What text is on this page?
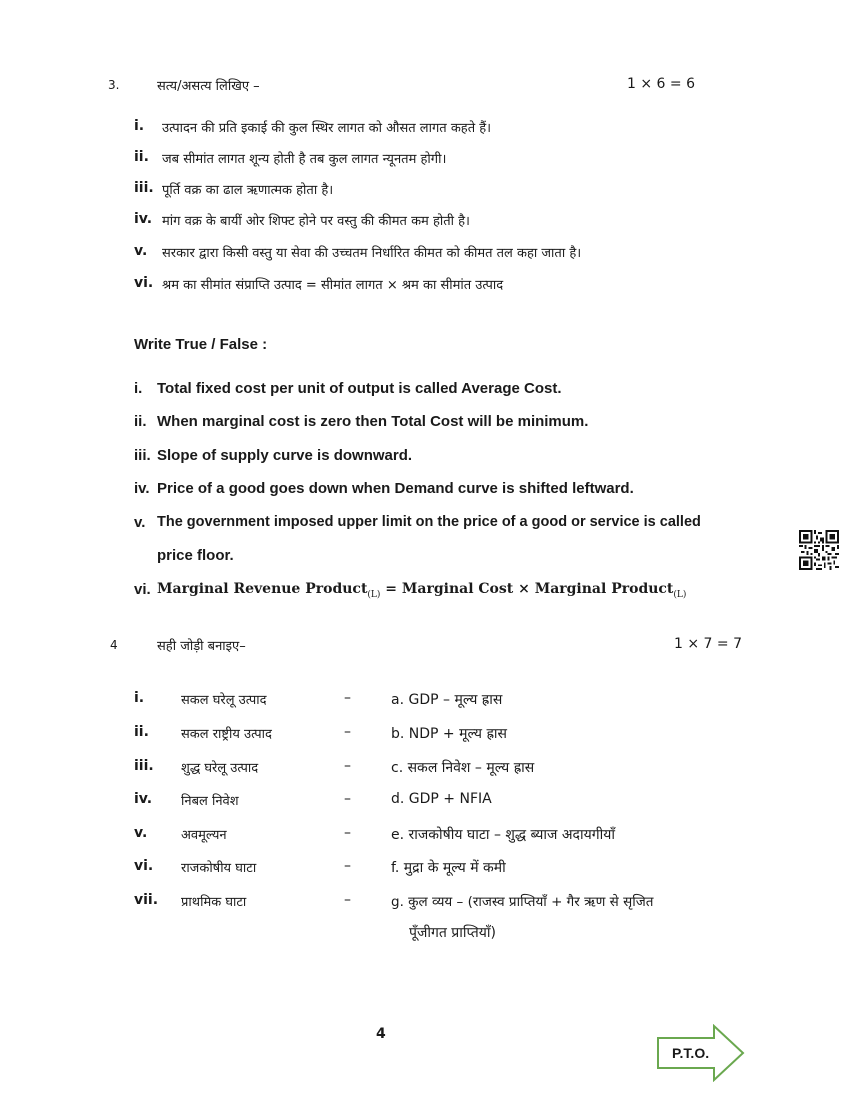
3.	सत्य/असत्य लिखिए –	1 × 6 = 6
i. उत्पादन की प्रति इकाई की कुल स्थिर लागत को औसत लागत कहते हैं।
ii. जब सीमांत लागत शून्य होती है तब कुल लागत न्यूनतम होगी।
iii. पूर्ति वक्र का ढाल ऋणात्मक होता है।
iv. मांग वक्र के बायीं ओर शिफ्ट होने पर वस्तु की कीमत कम होती है।
v. सरकार द्वारा किसी वस्तु या सेवा की उच्चतम निर्धारित कीमत को कीमत तल कहा जाता है।
vi. श्रम का सीमांत संप्राप्ति उत्पाद = सीमांत लागत × श्रम का सीमांत उत्पाद
Write True / False :
i. Total fixed cost per unit of output is called Average Cost.
ii. When marginal cost is zero then Total Cost will be minimum.
iii. Slope of supply curve is downward.
iv. Price of a good goes down when Demand curve is shifted leftward.
v. The government imposed upper limit on the price of a good or service is called
price floor.
vi. Marginal Revenue Product$_{(L)}$ = Marginal Cost × Marginal Product$_{(L)}$
4	सही जोड़ी बनाइए–	1 × 7 = 7
i.	सकल घरेलू उत्पाद	–	a. GDP – मूल्य ह्रास
ii. सकल राष्ट्रीय उत्पाद	–	b. NDP + मूल्य ह्रास
iii. शुद्ध घरेलू उत्पाद	–	c. सकल निवेश – मूल्य ह्रास
iv. निबल निवेश	–	d. GDP + NFIA
v.	अवमूल्यन	–	e. राजकोषीय घाटा – शुद्ध ब्याज अदायगीयाँ
vi. राजकोषीय घाटा	–	f. मुद्रा के मूल्य में कमी
vii. प्राथमिक घाटा	–	g. कुल व्यय – (राजस्व प्राप्तियाँ + गैर ऋण से सृजित
पूँजीगत प्राप्तियाँ)
4
P.T.O.
